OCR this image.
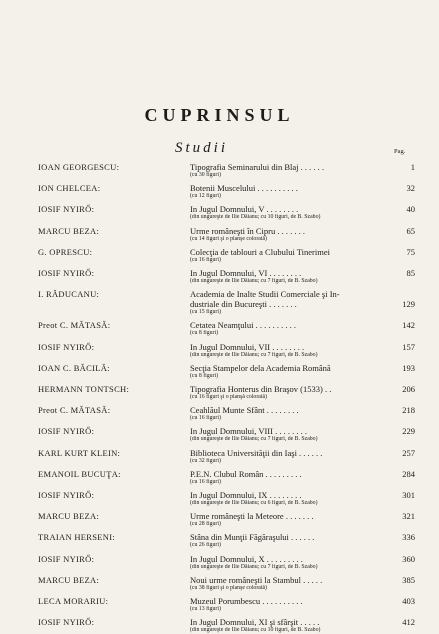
CUPRINSUL
Studii	Pag.
IOAN GEORGESCU:	Tipografia Seminarului din Blaj . . . . . .
(cu 30 figuri)
1
ION CHELCEA:	Botenii Muscelului . . . . . . . . . .
(cu 12 figuri)
32
IOSIF NYIRŐ:	In Jugul Domnului, V . . . . . . . .
(din ungureşte de Ilie Dăianu; cu 10 figuri, de B. Szabo)
40
MARCU BEZA:	Urme româneşti în Cipru . . . . . . .
(cu 14 figuri şi o planşe colorată)
65
G. OPRESCU:	Colecţia de tablouri a Clubului Tinerimei
(cu 16 figuri)
75
IOSIF NYIRŐ:	In Jugul Domnului, VI . . . . . . . .
(din ungureşte de Ilie Dăianu; cu 7 figuri, de B. Szabo)
85
I. RĂDUCANU:	Academia de Inalte Studii Comerciale şi In-
dustriale din Bucureşti . . . . . . .
(cu 15 figuri)
129
Preot C. MĂTASĂ:	Cetatea Neamţului . . . . . . . . . .
(cu 8 figuri)
142
IOSIF NYIRŐ:	In Jugul Domnului, VII . . . . . . . .
(din ungureşte de Ilie Dăianu; cu 7 figuri, de B. Szabo)
157
IOAN C. BĂCILĂ:	Secţia Stampelor dela Academia Română
(cu 8 figuri)
193
HERMANN TONTSCH:	Tipografia Honterus din Braşov (1533) . .
(cu 16 figuri şi o planşă colorată)
206
Preot C. MĂTASĂ:	Ceahlăul Munte Sfânt . . . . . . . .
(cu 16 figuri)
218
IOSIF NYIRŐ:	In Jugul Domnului, VIII . . . . . . . .
(din ungureşte de Ilie Dăianu; cu 7 figuri, de B. Szabo)
229
KARL KURT KLEIN:	Biblioteca Universităţii din Iaşi . . . . . .
(cu 32 figuri)
257
EMANOIL BUCUŢA:	P.E.N. Clubul Român . . . . . . . . .
(cu 16 figuri)
284
IOSIF NYIRŐ:	In Jugul Domnului, IX . . . . . . . .
(din ungureşte de Ilie Dăianu; cu 6 figuri, de B. Szabo)
301
MARCU BEZA:	Urme româneşti la Meteore . . . . . . .
(cu 28 figuri)
321
TRAIAN HERSENI:	Stâna din Munţii Făgăraşului . . . . . .
(cu 26 figuri)
336
IOSIF NYIRŐ:	In Jugul Domnului, X . . . . . . . . .
(din ungureşte de Ilie Dăianu; cu 7 figuri, de B. Szabo)
360
MARCU BEZA:	Noui urme româneşti la Stambul . . . . .
(cu 38 figuri şi o planşe colorată)
385
LECA MORARIU:	Muzeul Porumbescu . . . . . . . . . .
(cu 13 figuri)
403
IOSIF NYIRŐ:	In Jugul Domnului, XI şi sfârşit . . . . .
(din ungureşte de Ilie Dăianu; cu 10 figuri, de B. Szabo)
412
